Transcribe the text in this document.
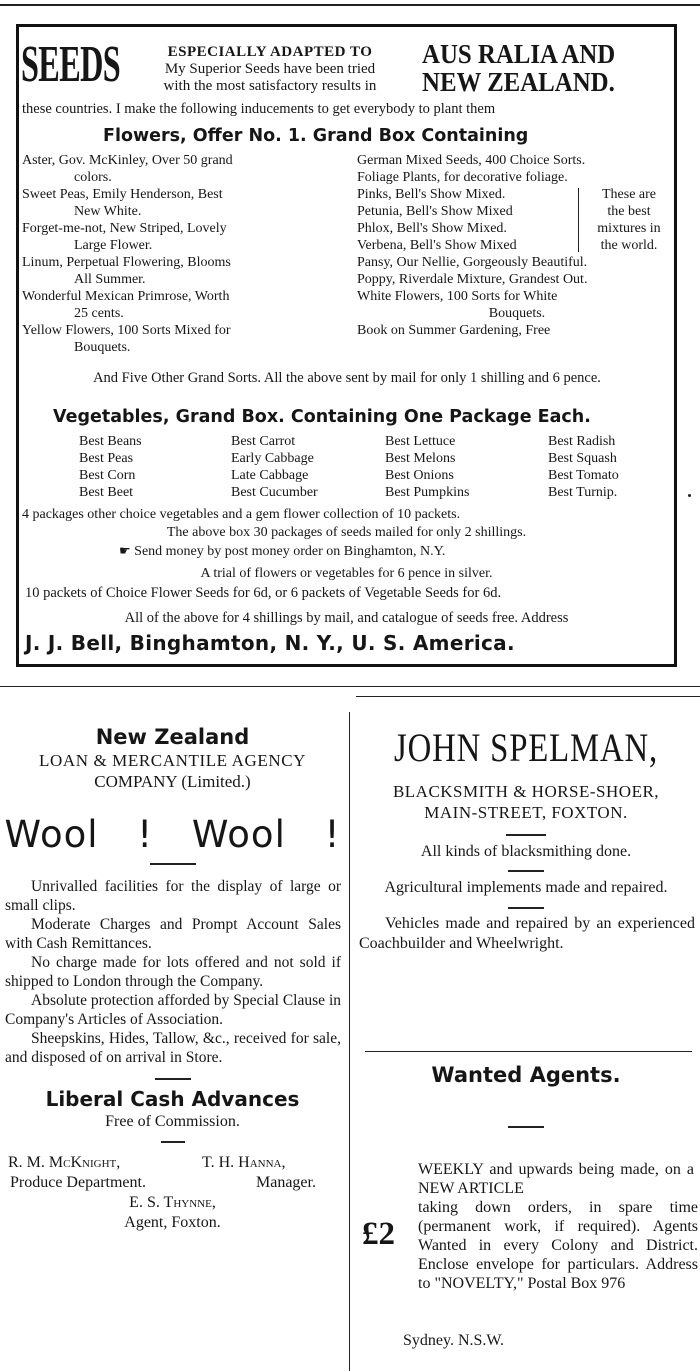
SEEDS	ESPECIALLY ADAPTED TO
My Superior Seeds have been tried
with the most satisfactory results in
AUS RALIA AND
NEW ZEALAND.
these countries. I make the following inducements to get everybody to plant them
Flowers, Offer No. 1. Grand Box Containing
Aster, Gov. McKinley, Over 50 grand
colors.
Sweet Peas, Emily Henderson, Best
New White.
Forget-me-not, New Striped, Lovely
Large Flower.
Linum, Perpetual Flowering, Blooms
All Summer.
Wonderful Mexican Primrose, Worth
25 cents.
Yellow Flowers, 100 Sorts Mixed for
Bouquets.
German Mixed Seeds, 400 Choice Sorts.
Foliage Plants, for decorative foliage.
Pinks, Bell's Show Mixed.
Petunia, Bell's Show Mixed
Phlox, Bell's Show Mixed.
Verbena, Bell's Show Mixed
These are
the best
mixtures in
the world.
Pansy, Our Nellie, Gorgeously Beautiful.
Poppy, Riverdale Mixture, Grandest Out.
White Flowers, 100 Sorts for White
Bouquets.
Book on Summer Gardening, Free
And Five Other Grand Sorts. All the above sent by mail for only 1 shilling and 6 pence.
Vegetables, Grand Box. Containing One Package Each.
Best Beans	Best Carrot	Best Lettuce	Best Radish
Best Peas	Early Cabbage	Best Melons	Best Squash
Best Corn	Late Cabbage	Best Onions	Best Tomato
Best Beet	Best Cucumber	Best Pumpkins	Best Turnip.
4 packages other choice vegetables and a gem flower collection of 10 packets.
The above box 30 packages of seeds mailed for only 2 shillings.
☛ Send money by post money order on Binghamton, N.Y.
A trial of flowers or vegetables for 6 pence in silver.
10 packets of Choice Flower Seeds for 6d, or 6 packets of Vegetable Seeds for 6d.
All of the above for 4 shillings by mail, and catalogue of seeds free. Address
J. J. Bell, Binghamton, N. Y., U. S. America.
New Zealand
LOAN & MERCANTILE AGENCY
COMPANY (Limited.)
Wool ! Wool !

Unrivalled facilities for the display of large or small clips.

Moderate Charges and Prompt Account Sales with Cash Remittances.

No charge made for lots offered and not sold if shipped to London through the Company.

Absolute protection afforded by Special Clause in Company's Articles of Association.

Sheepskins, Hides, Tallow, &c., received for sale, and disposed of on arrival in Store.

Liberal Cash Advances
Free of Commission.
R. M. McKnight,	T. H. Hanna,
Produce Department.	Manager.
E. S. Thynne,
Agent, Foxton.
JOHN SPELMAN,
BLACKSMITH & HORSE-SHOER,
MAIN-STREET, FOXTON.
All kinds of blacksmithing done.
Agricultural implements made and repaired.
Vehicles made and repaired by an experienced Coachbuilder and Wheelwright.
Wanted Agents.
£2
WEEKLY and upwards being made, on a NEW ARTICLE
taking down orders, in spare time (permanent work, if required). Agents Wanted in every Colony and District. Enclose envelope for particulars. Address to "NOVELTY," Postal Box 976
Sydney. N.S.W.
